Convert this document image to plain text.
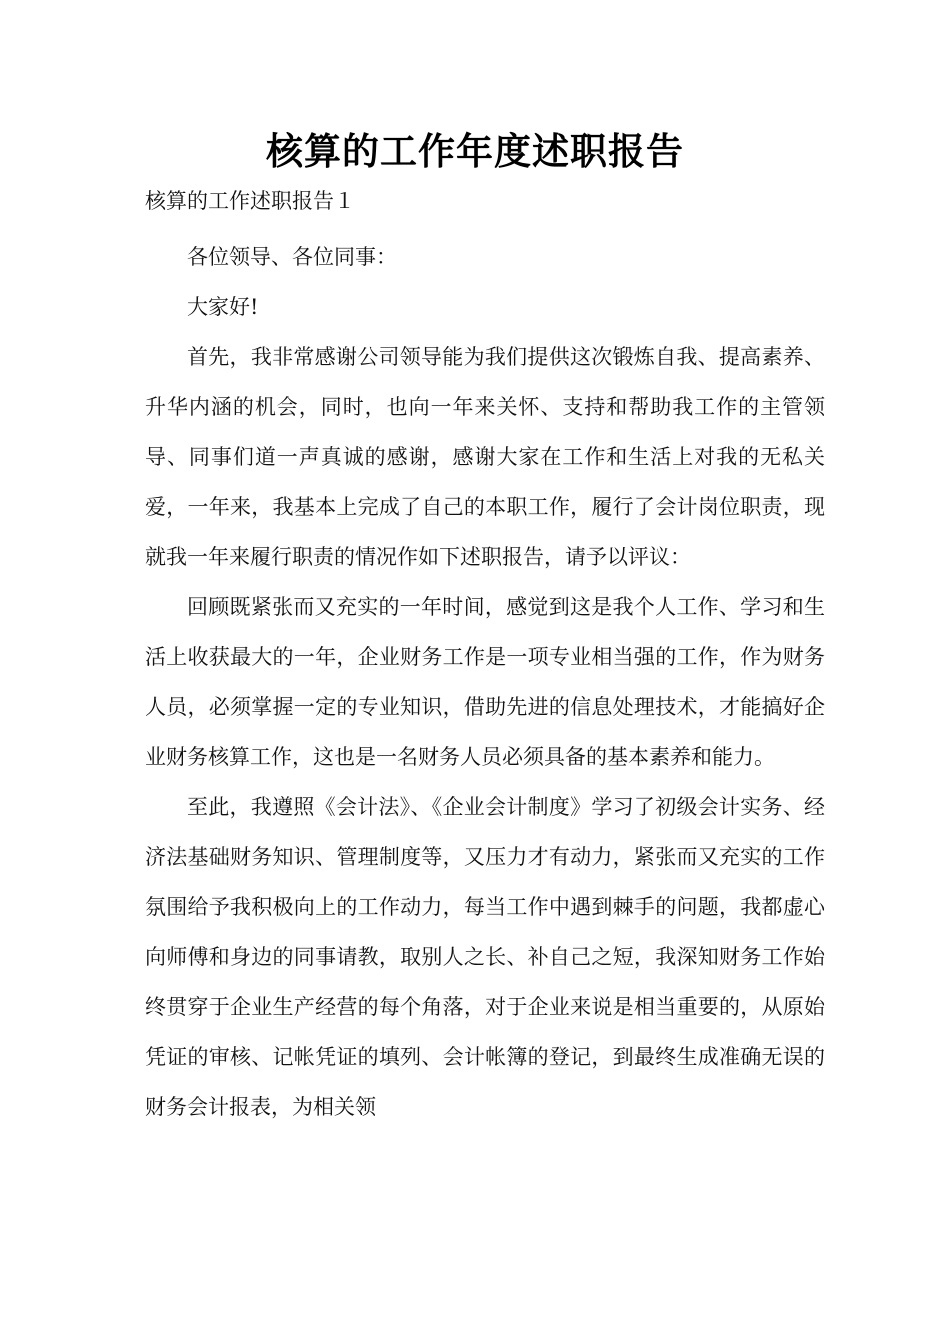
核算的工作年度述职报告
核算的工作述职报告１

各位领导、各位同事：

大家好!

首先，我非常感谢公司领导能为我们提供这次锻炼自我、提高素养、升华内涵的机会，同时，也向一年来关怀、支持和帮助我工作的主管领导、同事们道一声真诚的感谢，感谢大家在工作和生活上对我的无私关爱，一年来，我基本上完成了自己的本职工作，履行了会计岗位职责，现就我一年来履行职责的情况作如下述职报告，请予以评议：

回顾既紧张而又充实的一年时间，感觉到这是我个人工作、学习和生活上收获最大的一年，企业财务工作是一项专业相当强的工作，作为财务人员，必须掌握一定的专业知识，借助先进的信息处理技术，才能搞好企业财务核算工作，这也是一名财务人员必须具备的基本素养和能力。

至此，我遵照《会计法》、《企业会计制度》学习了初级会计实务、经济法基础财务知识、管理制度等，又压力才有动力，紧张而又充实的工作氛围给予我积极向上的工作动力，每当工作中遇到棘手的问题，我都虚心向师傅和身边的同事请教，取别人之长、补自己之短，我深知财务工作始终贯穿于企业生产经营的每个角落，对于企业来说是相当重要的，从原始凭证的审核、记帐凭证的填列、会计帐簿的登记，到最终生成准确无误的财务会计报表，为相关领
